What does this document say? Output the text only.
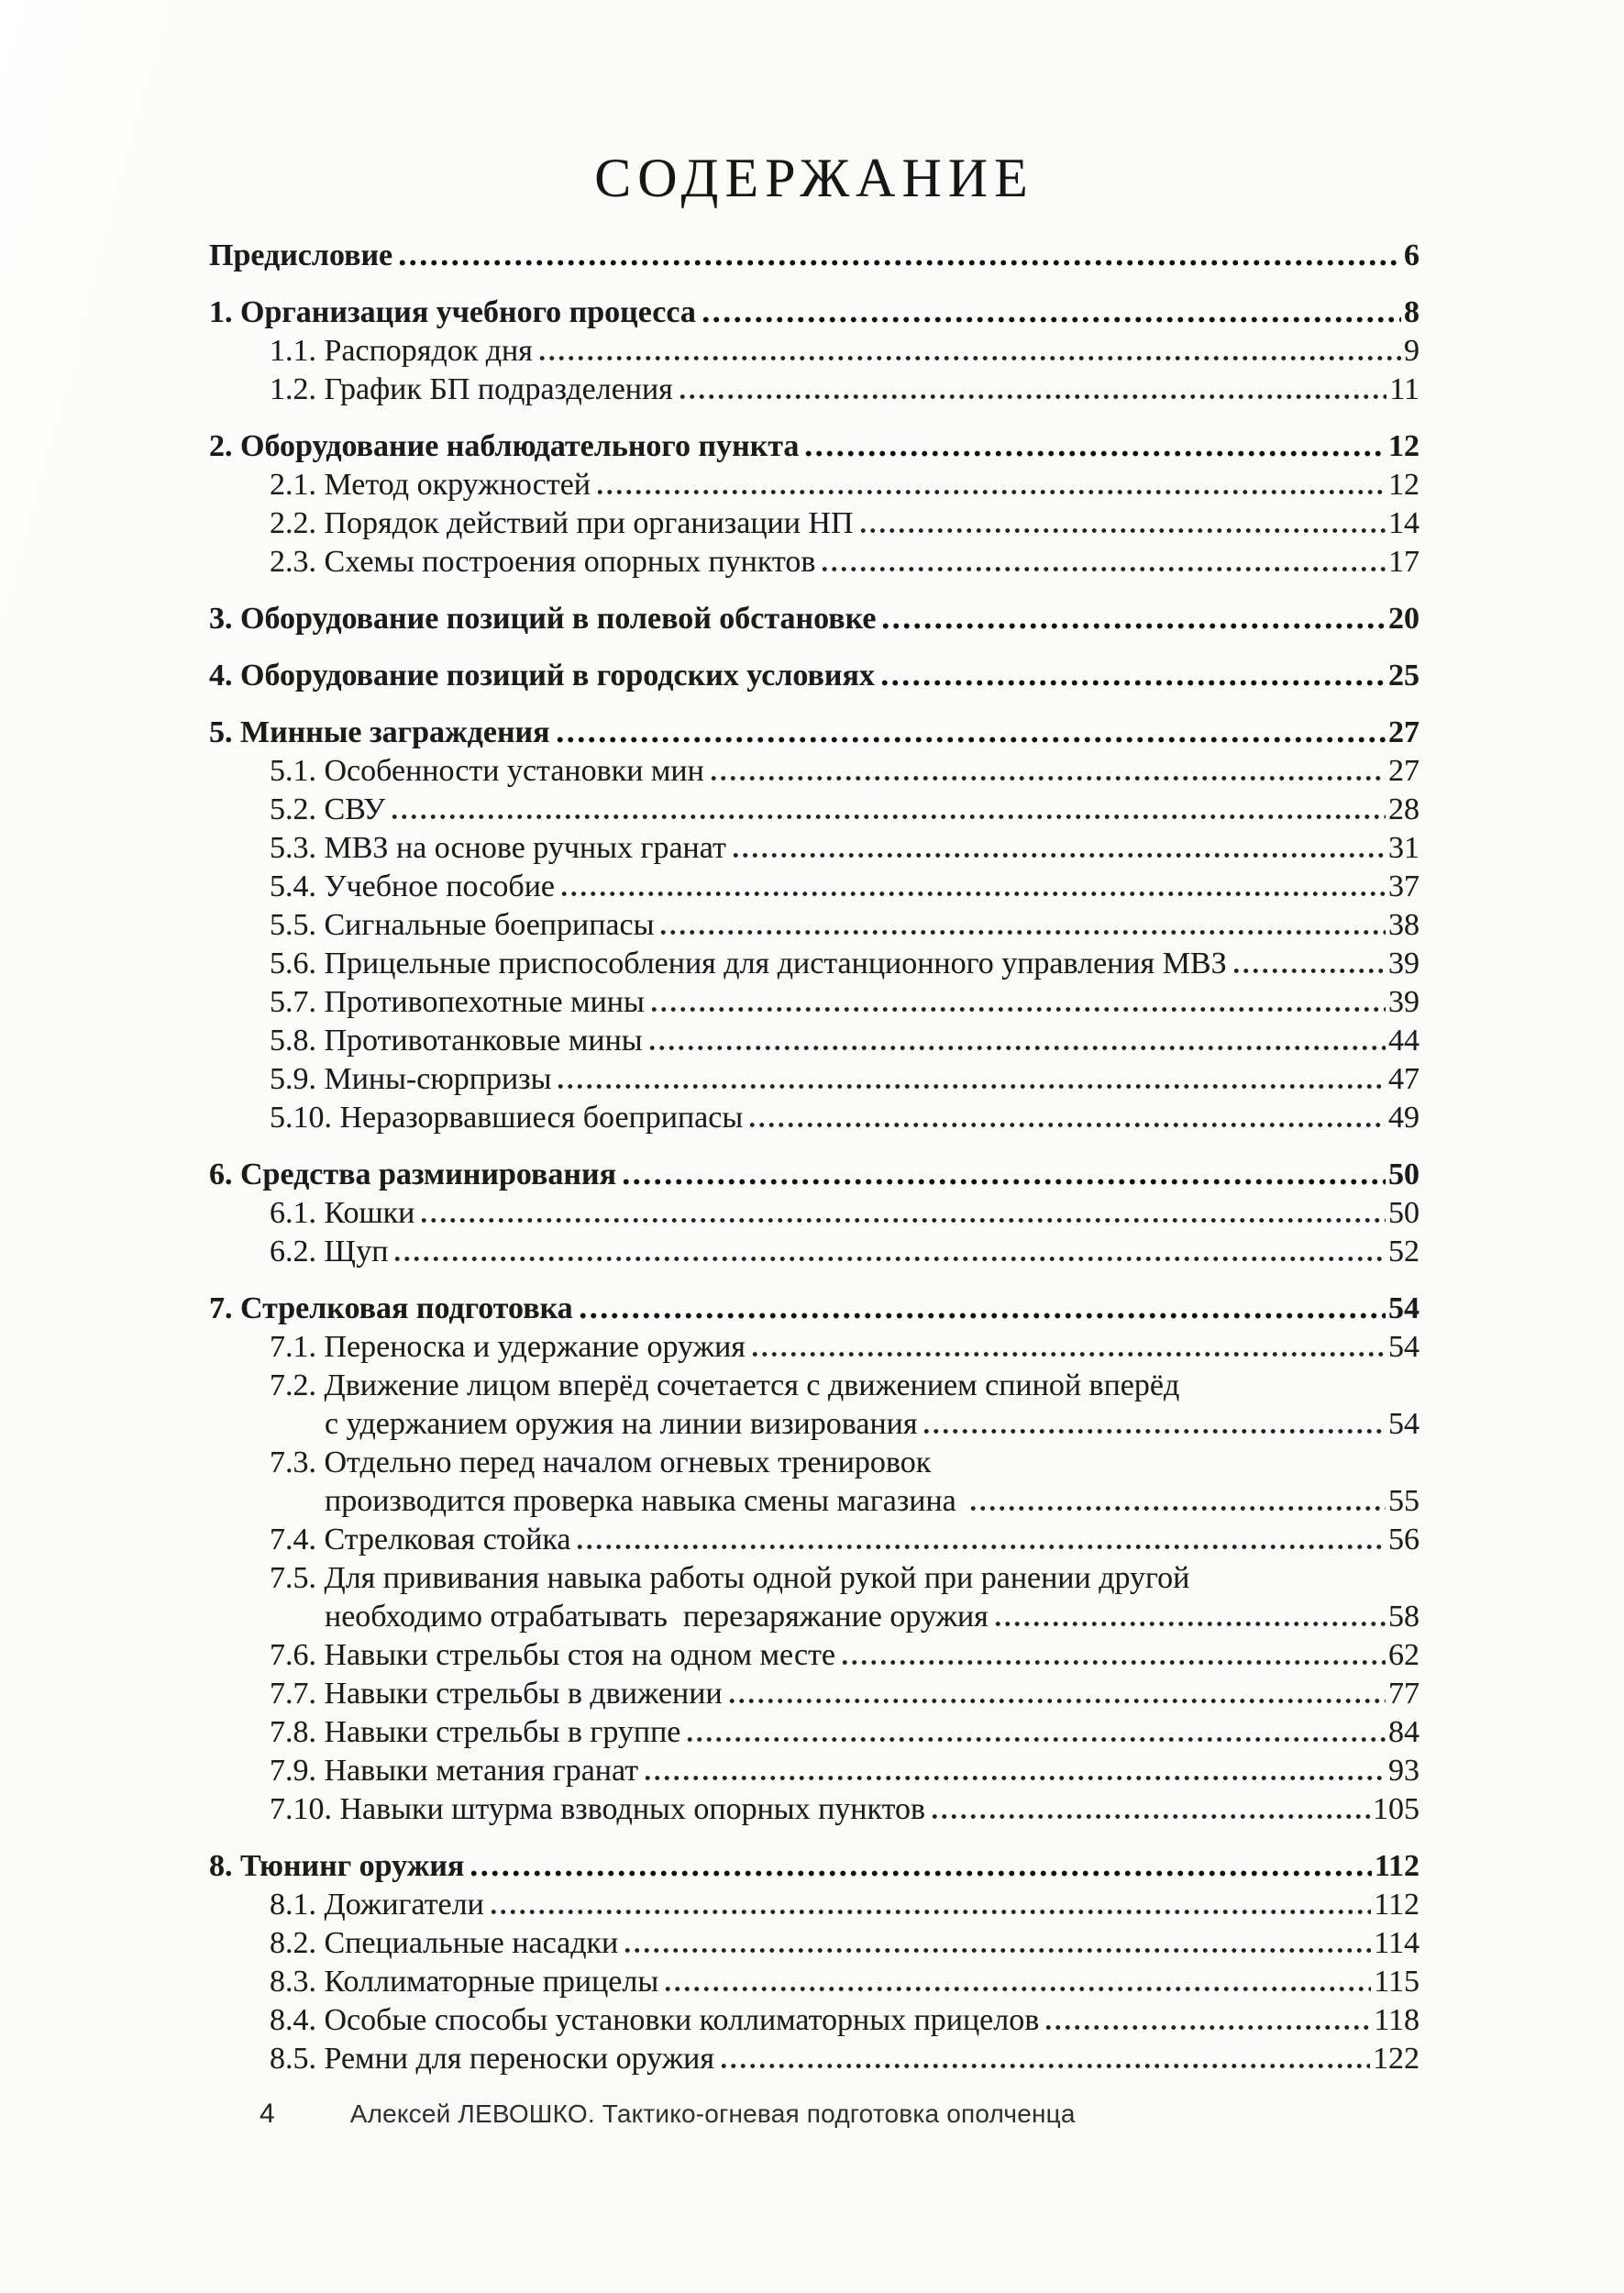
СОДЕРЖАНИЕ
Предисловие	6
1. Организация учебного процесса	8
1.1. Распорядок дня	9
1.2. График БП подразделения	11
2. Оборудование наблюдательного пункта	12
2.1. Метод окружностей	12
2.2. Порядок действий при организации НП	14
2.3. Схемы построения опорных пунктов	17
3. Оборудование позиций в полевой обстановке	20
4. Оборудование позиций в городских условиях	25
5. Минные заграждения	27
5.1. Особенности установки мин	27
5.2. СВУ	28
5.3. МВЗ на основе ручных гранат	31
5.4. Учебное пособие	37
5.5. Сигнальные боеприпасы	38
5.6. Прицельные приспособления для дистанционного управления МВЗ	39
5.7. Противопехотные мины	39
5.8. Противотанковые мины	44
5.9. Мины-сюрпризы	47
5.10. Неразорвавшиеся боеприпасы	49
6. Средства разминирования	50
6.1. Кошки	50
6.2. Щуп	52
7. Стрелковая подготовка	54
7.1. Переноска и удержание оружия	54
7.2. Движение лицом вперёд сочетается с движением спиной вперёд
с удержанием оружия на линии визирования	54
7.3. Отдельно перед началом огневых тренировок
производится проверка навыка смены магазина	55
7.4. Стрелковая стойка	56
7.5. Для прививания навыка работы одной рукой при ранении другой
необходимо отрабатывать  перезаряжание оружия	58
7.6. Навыки стрельбы стоя на одном месте	62
7.7. Навыки стрельбы в движении	77
7.8. Навыки стрельбы в группе	84
7.9. Навыки метания гранат	93
7.10. Навыки штурма взводных опорных пунктов	105
8. Тюнинг оружия	112
8.1. Дожигатели	112
8.2. Специальные насадки	114
8.3. Коллиматорные прицелы	115
8.4. Особые способы установки коллиматорных прицелов	118
8.5. Ремни для переноски оружия	122
4	Алексей ЛЕВОШКО. Тактико-огневая подготовка ополченца
